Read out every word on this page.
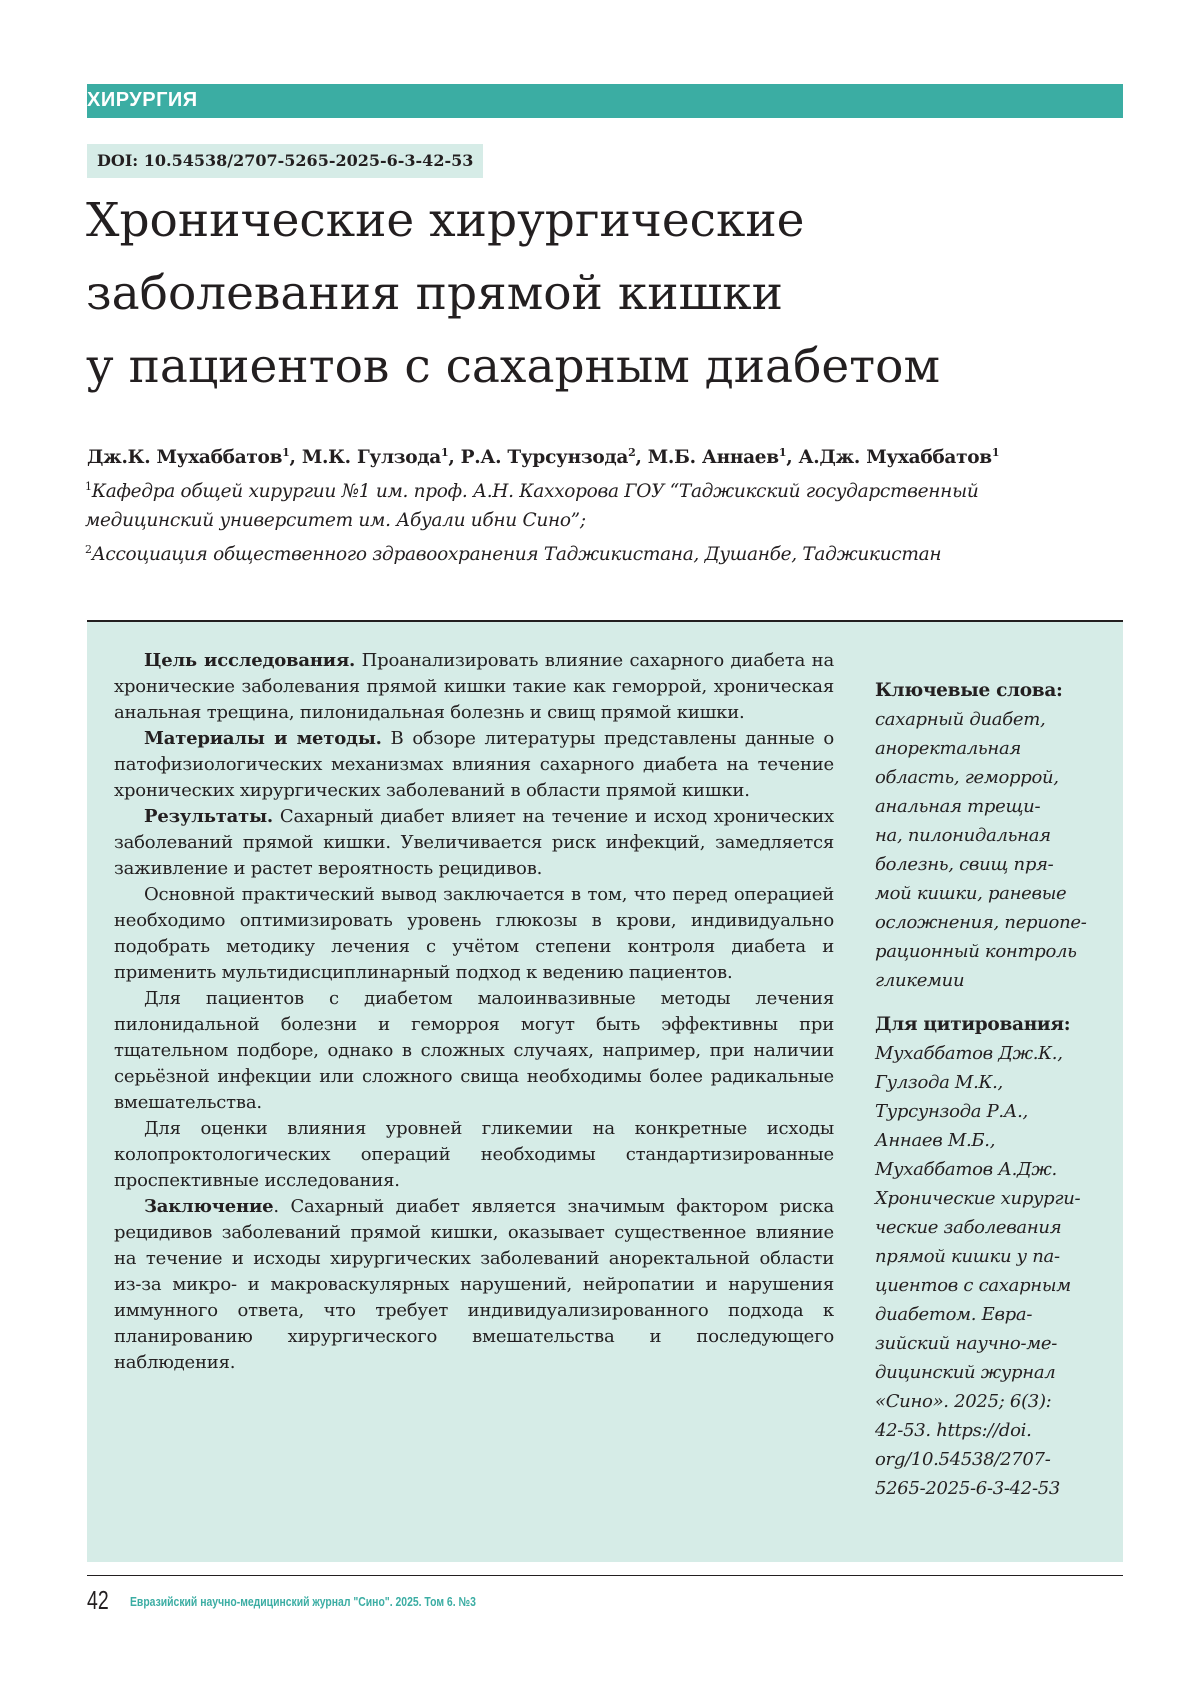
ХИРУРГИЯ
DOI: 10.54538/2707-5265-2025-6-3-42-53
Хронические хирургические
заболевания прямой кишки
у пациентов с сахарным диабетом
Дж.К. Мухаббатов$^1$, М.К. Гулзода$^1$, Р.А. Турсунзода$^2$, М.Б. Аннаев$^1$, А.Дж. Мухаббатов$^1$
$^1$Кафедра общей хирургии №1 им. проф. А.Н. Каххорова ГОУ “Таджикский государственный
медицинский университет им. Абуали ибни Сино”;
$^2$Ассоциация общественного здравоохранения Таджикистана, Душанбе, Таджикистан

Цель исследования. Проанализировать влияние сахарного диабета на хронические заболевания прямой кишки такие как геморрой, хроническая анальная трещина, пилонидальная болезнь и свищ прямой кишки.

Материалы и методы. В обзоре литературы представлены данные о патофизиологических механизмах влияния сахарного диабета на течение хронических хирургических заболеваний в области прямой кишки.

Результаты. Сахарный диабет влияет на течение и исход хронических заболеваний прямой кишки. Увеличивается риск инфекций, замедляется заживление и растет вероятность рецидивов.

Основной практический вывод заключается в том, что перед операцией необходимо оптимизировать уровень глюкозы в крови, индивидуально подобрать методику лечения с учётом степени контроля диабета и применить мультидисциплинарный подход к ведению пациентов.

Для пациентов с диабетом малоинвазивные методы лечения пилонидальной болезни и геморроя могут быть эффективны при тщательном подборе, однако в сложных случаях, например, при наличии серьёзной инфекции или сложного свища необходимы более радикальные вмешательства.

Для оценки влияния уровней гликемии на конкретные исходы колопроктологических операций необходимы стандартизированные проспективные исследования.

Заключение. Сахарный диабет является значимым фактором риска рецидивов заболеваний прямой кишки, оказывает существенное влияние на течение и исходы хирургических заболеваний аноректальной области из-за микро- и макроваскулярных нарушений, нейропатии и нарушения иммунного ответа, что требует индивидуализированного подхода к планированию хирургического вмешательства и последующего наблюдения.

Ключевые слова:
сахарный диабет,
аноректальная
область, геморрой,
анальная трещи-
на, пилонидальная
болезнь, свищ пря-
мой кишки, раневые
осложнения, периопе-
рационный контроль
гликемии
Для цитирования:
Мухаббатов Дж.К.,
Гулзода М.К.,
Турсунзода Р.А.,
Аннаев М.Б.,
Мухаббатов А.Дж.
Хронические хирурги-
ческие заболевания
прямой кишки у па-
циентов с сахарным
диабетом. Евра-
зийский научно-ме-
дицинский журнал
«Сино». 2025; 6(3):
42-53. https://doi.
org/10.54538/2707-
5265-2025-6-3-42-53
42 Евразийский научно-медицинский журнал "Сино". 2025. Том 6. №3
